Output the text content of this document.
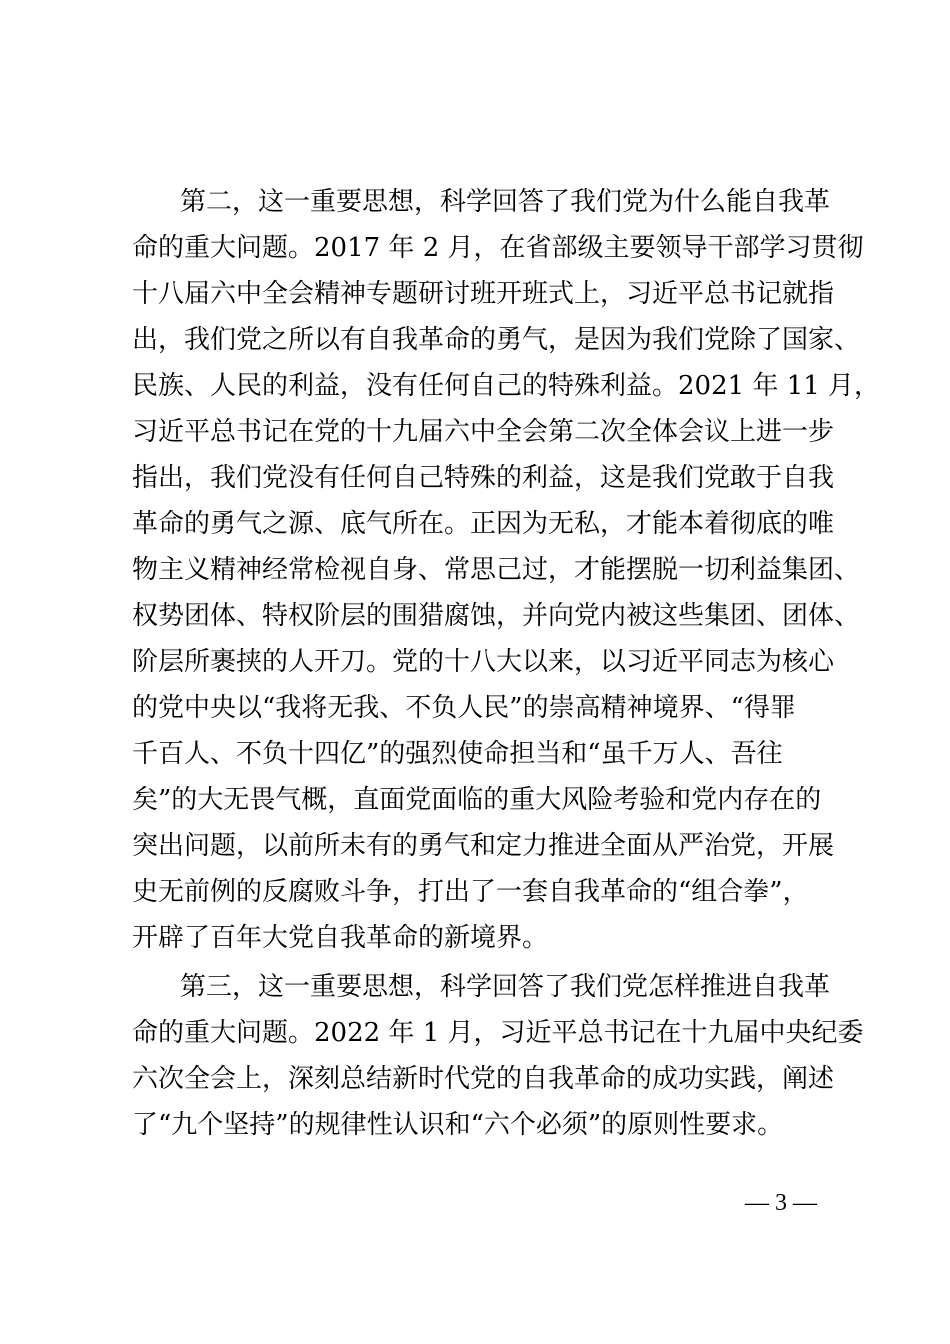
第二，这一重要思想，科学回答了我们党为什么能自我革

命的重大问题。2017 年 2 月，在省部级主要领导干部学习贯彻

十八届六中全会精神专题研讨班开班式上，习近平总书记就指

出，我们党之所以有自我革命的勇气，是因为我们党除了国家、

民族、人民的利益，没有任何自己的特殊利益。2021 年 11 月，

习近平总书记在党的十九届六中全会第二次全体会议上进一步

指出，我们党没有任何自己特殊的利益，这是我们党敢于自我

革命的勇气之源、底气所在。正因为无私，才能本着彻底的唯

物主义精神经常检视自身、常思己过，才能摆脱一切利益集团、

权势团体、特权阶层的围猎腐蚀，并向党内被这些集团、团体、

阶层所裹挟的人开刀。党的十八大以来，以习近平同志为核心

的党中央以“我将无我、不负人民”的崇高精神境界、“得罪

千百人、不负十四亿”的强烈使命担当和“虽千万人、吾往

矣”的大无畏气概，直面党面临的重大风险考验和党内存在的

突出问题，以前所未有的勇气和定力推进全面从严治党，开展

史无前例的反腐败斗争，打出了一套自我革命的“组合拳”，

开辟了百年大党自我革命的新境界。

第三，这一重要思想，科学回答了我们党怎样推进自我革

命的重大问题。2022 年 1 月，习近平总书记在十九届中央纪委

六次全会上，深刻总结新时代党的自我革命的成功实践，阐述

了“九个坚持”的规律性认识和“六个必须”的原则性要求。

— 3 —
